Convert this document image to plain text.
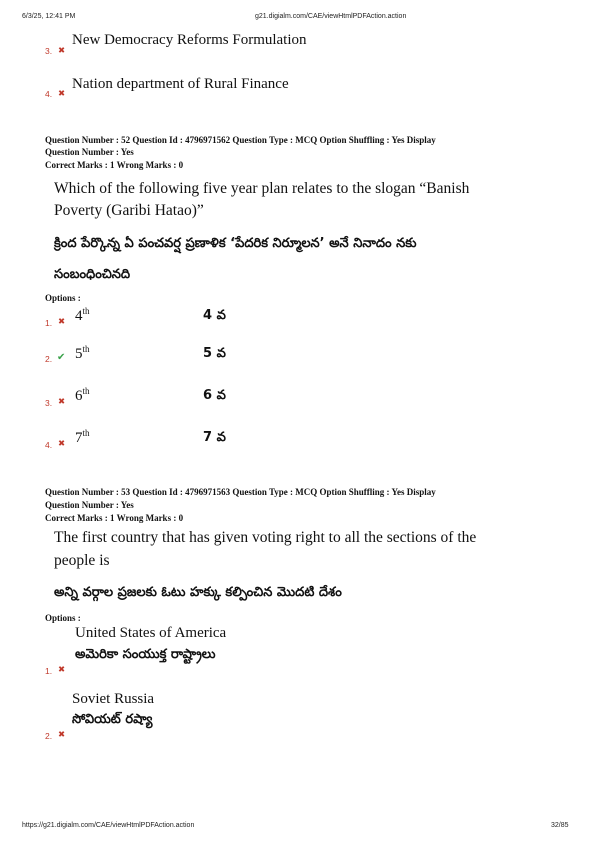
6/3/25, 12:41 PM	g21.digialm.com/CAE/viewHtmlPDFAction.action
3. ✖
New Democracy Reforms Formulation
4. ✖
Nation department of Rural Finance
Question Number : 52 Question Id : 4796971562 Question Type : MCQ Option Shuffling : Yes Display
Question Number : Yes
Correct Marks : 1 Wrong Marks : 0
Which of the following five year plan relates to the slogan “Banish
Poverty (Garibi Hatao)”
క్రింద పేర్కొన్న ఏ పంచవర్ష ప్రణాళిక ‘పేదరిక నిర్మూలన’ అనే నినాదం నకు
సంబంధించినది
Options :
1. ✖ 4th	4 వ
2. ✔ 5th	5 వ
3. ✖ 6th	6 వ
4. ✖ 7th	7 వ
Question Number : 53 Question Id : 4796971563 Question Type : MCQ Option Shuffling : Yes Display
Question Number : Yes
Correct Marks : 1 Wrong Marks : 0
The first country that has given voting right to all the sections of the
people is
అన్ని వర్గాల ప్రజలకు ఓటు హక్కు కల్పించిన మొదటి దేశం
Options :
United States of America
అమెరికా సంయుక్త రాష్ట్రాలు
1. ✖
Soviet Russia
సోవియట్ రష్యా
2. ✖
https://g21.digialm.com/CAE/viewHtmlPDFAction.action	32/85
